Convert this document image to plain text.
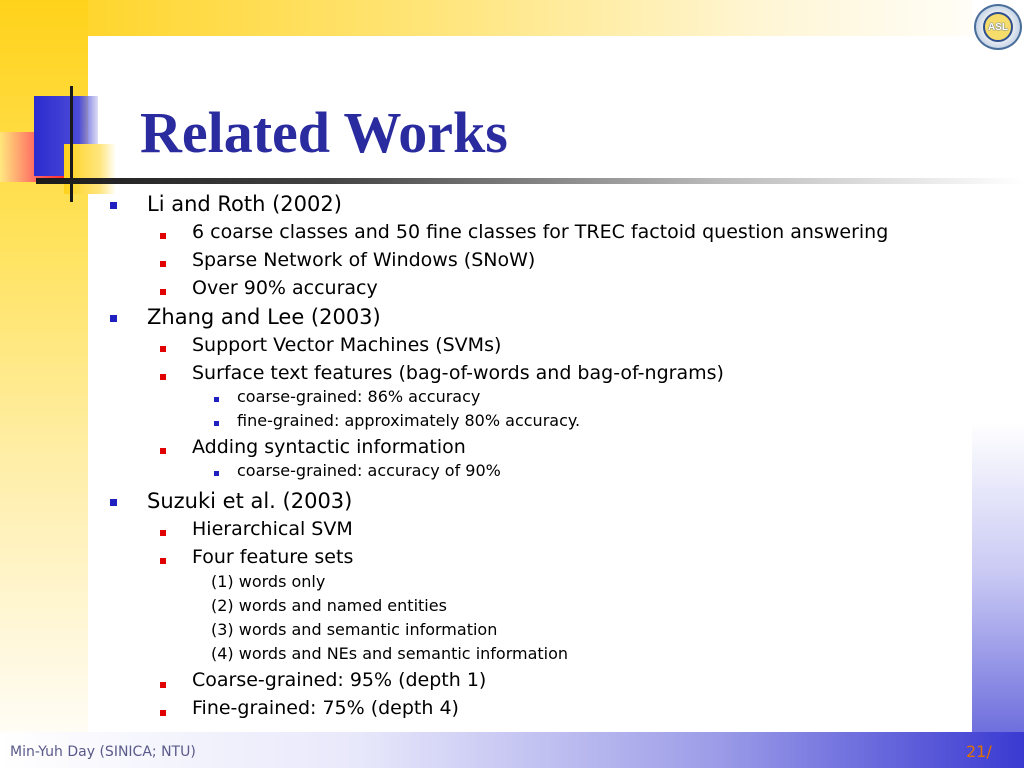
ASL
Related Works
Li and Roth (2002)
6 coarse classes and 50 fine classes for TREC factoid question answering
Sparse Network of Windows (SNoW)
Over 90% accuracy
Zhang and Lee (2003)
Support Vector Machines (SVMs)
Surface text features (bag-of-words and bag-of-ngrams)
coarse-grained: 86% accuracy
fine-grained: approximately 80% accuracy.
Adding syntactic information
coarse-grained: accuracy of 90%
Suzuki et al. (2003)
Hierarchical SVM
Four feature sets
(1) words only
(2) words and named entities
(3) words and semantic information
(4) words and NEs and semantic information
Coarse-grained: 95% (depth 1)
Fine-grained: 75% (depth 4)
Min-Yuh Day (SINICA; NTU)	21/
